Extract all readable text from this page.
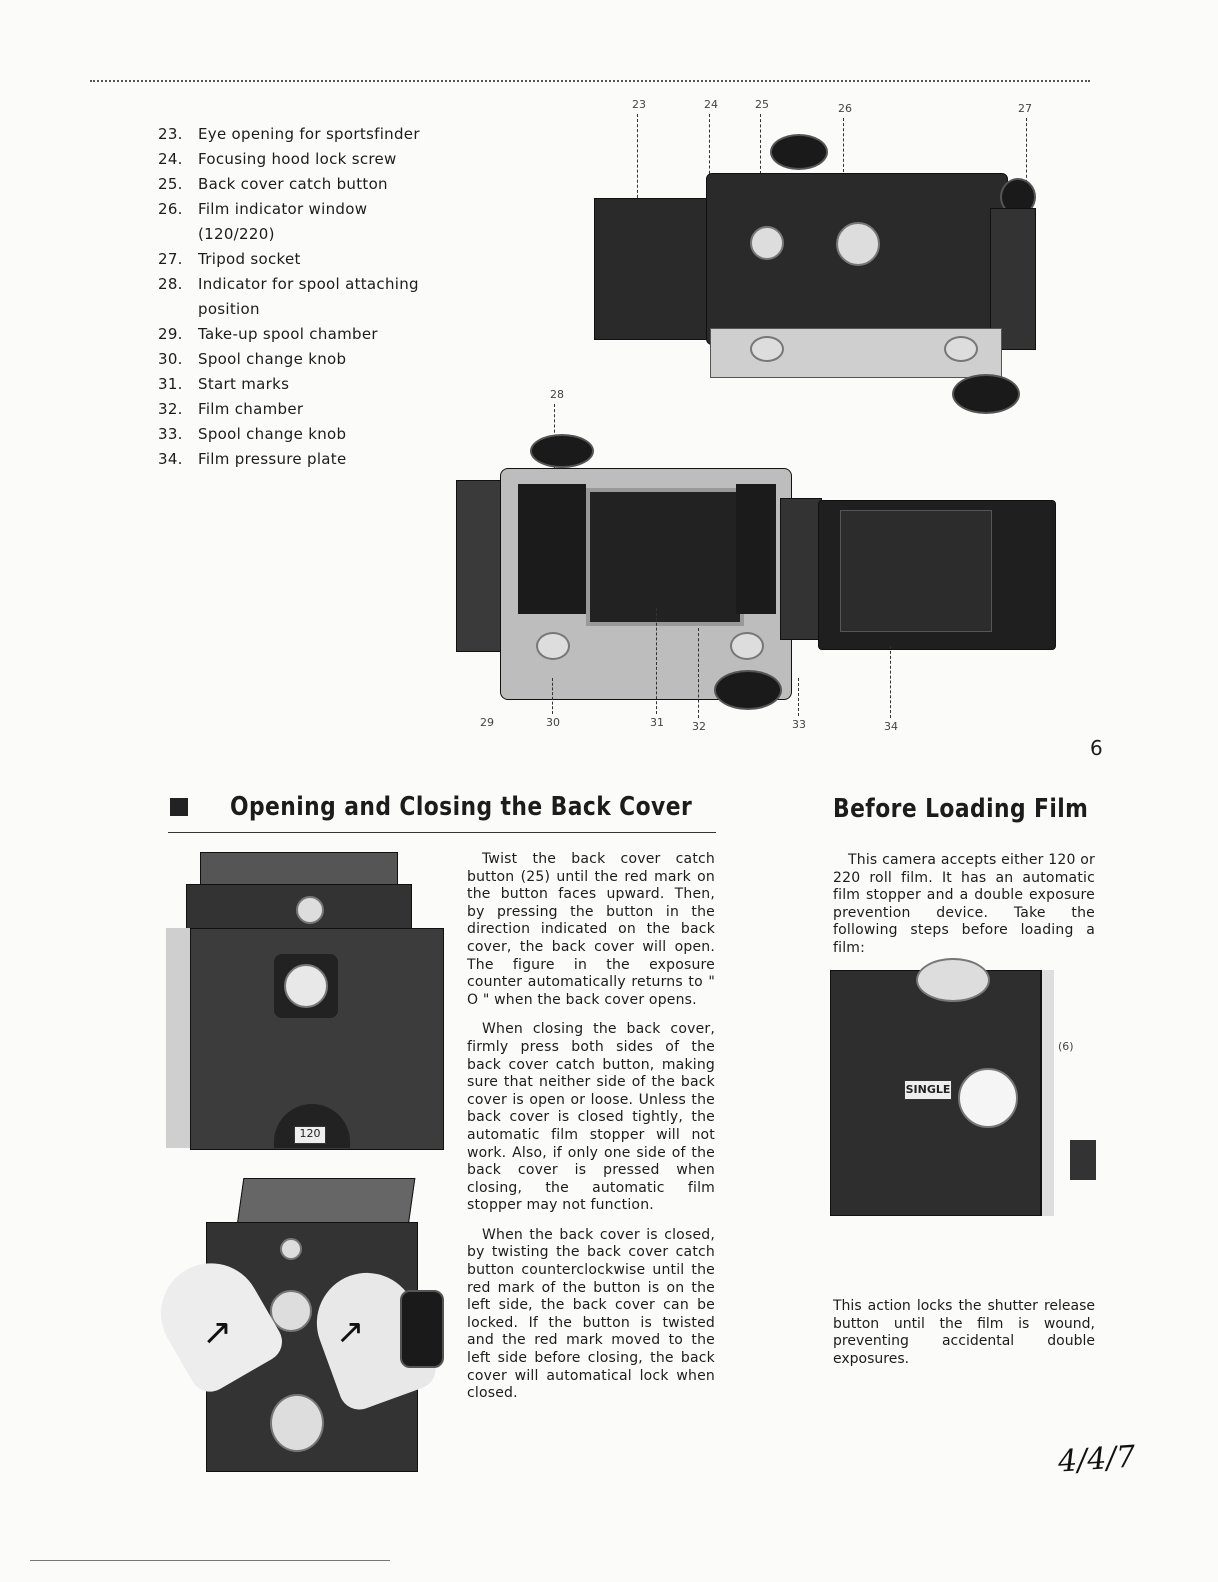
23.	Eye opening for sportsfinder
24.	Focusing hood lock screw
25.	Back cover catch button
26.	Film indicator window
(120/220)
27.	Tripod socket
28.	Indicator for spool attaching
position
29.	Take-up spool chamber
30.	Spool change knob
31.	Start marks
32.	Film chamber
33.	Spool change knob
34.	Film pressure plate
23	24	25	26	27
28
29	30	31	32	33	34
6
Opening and Closing the Back Cover
120
↗	↗

Twist the back cover catch button (25) until the red mark on the button faces upward. Then, by pressing the button in the direction indicated on the back cover, the back cover will open. The figure in the exposure counter automatically returns to " O " when the back cover opens.

When closing the back cover, firmly press both sides of the back cover catch button, making sure that neither side of the back cover is open or loose. Unless the back cover is closed tightly, the automatic film stopper will not work. Also, if only one side of the back cover is pressed when closing, the automatic film stopper may not function.

When the back cover is closed, by twisting the back cover catch button counterclockwise until the red mark of the button is on the left side, the back cover can be locked. If the button is twisted and the red mark moved to the left side before closing, the back cover will automatical lock when closed.

Before Loading Film

This camera accepts either 120 or 220 roll film. It has an automatic film stopper and a double exposure prevention device. Take the following steps before loading a film:

SINGLE
(6)
This action locks the shutter release button until the film is wound, preventing accidental double exposures.
4/4/7
